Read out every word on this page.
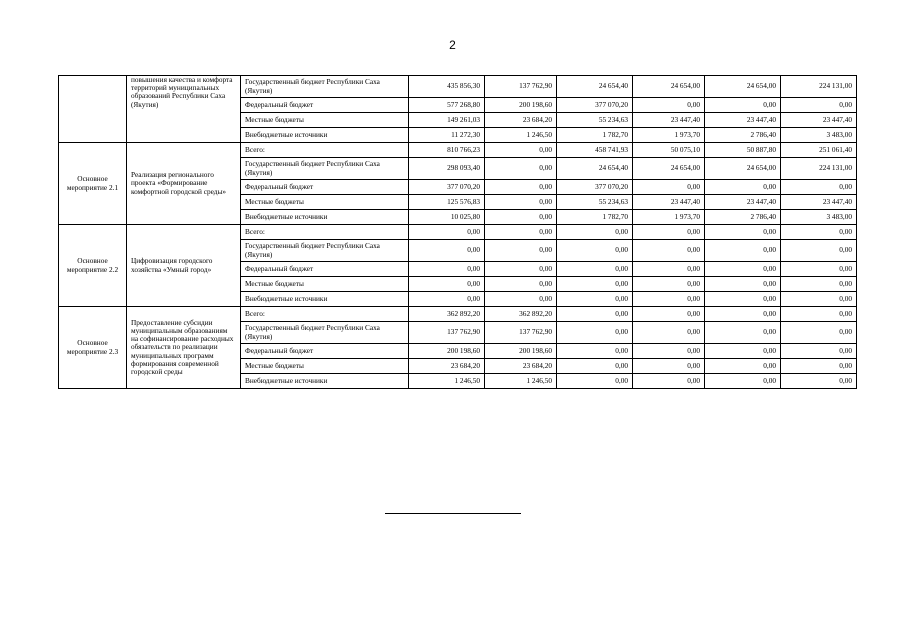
2
	повышения качества и комфорта территорий муниципальных образований Республики Саха (Якутия)	Государственный бюджет Республики Саха (Якутия)	435 856,30	137 762,90	24 654,40	24 654,00	24 654,00	224 131,00
		Федеральный бюджет	577 268,80	200 198,60	377 070,20	0,00	0,00	0,00
		Местные бюджеты	149 261,03	23 684,20	55 234,63	23 447,40	23 447,40	23 447,40
		Внебюджетные источники	11 272,30	1 246,50	1 782,70	1 973,70	2 786,40	3 483,00
Основное мероприятие 2.1	Реализация регионального проекта «Формирование комфортной городской среды»	Всего:	810 766,23	0,00	458 741,93	50 075,10	50 887,80	251 061,40
		Государственный бюджет Республики Саха (Якутия)	298 093,40	0,00	24 654,40	24 654,00	24 654,00	224 131,00
		Федеральный бюджет	377 070,20	0,00	377 070,20	0,00	0,00	0,00
		Местные бюджеты	125 576,83	0,00	55 234,63	23 447,40	23 447,40	23 447,40
		Внебюджетные источники	10 025,80	0,00	1 782,70	1 973,70	2 786,40	3 483,00
Основное мероприятие 2.2	Цифровизация городского хозяйства «Умный город»	Всего:	0,00	0,00	0,00	0,00	0,00	0,00
		Государственный бюджет Республики Саха (Якутия)	0,00	0,00	0,00	0,00	0,00	0,00
		Федеральный бюджет	0,00	0,00	0,00	0,00	0,00	0,00
		Местные бюджеты	0,00	0,00	0,00	0,00	0,00	0,00
		Внебюджетные источники	0,00	0,00	0,00	0,00	0,00	0,00
Основное мероприятие 2.3	Предоставление субсидии муниципальным образованиям на софинансирование расходных обязательств по реализации муниципальных программ формирования современной городской среды	Всего:	362 892,20	362 892,20	0,00	0,00	0,00	0,00
		Государственный бюджет Республики Саха (Якутия)	137 762,90	137 762,90	0,00	0,00	0,00	0,00
		Федеральный бюджет	200 198,60	200 198,60	0,00	0,00	0,00	0,00
		Местные бюджеты	23 684,20	23 684,20	0,00	0,00	0,00	0,00
		Внебюджетные источники	1 246,50	1 246,50	0,00	0,00	0,00	0,00
